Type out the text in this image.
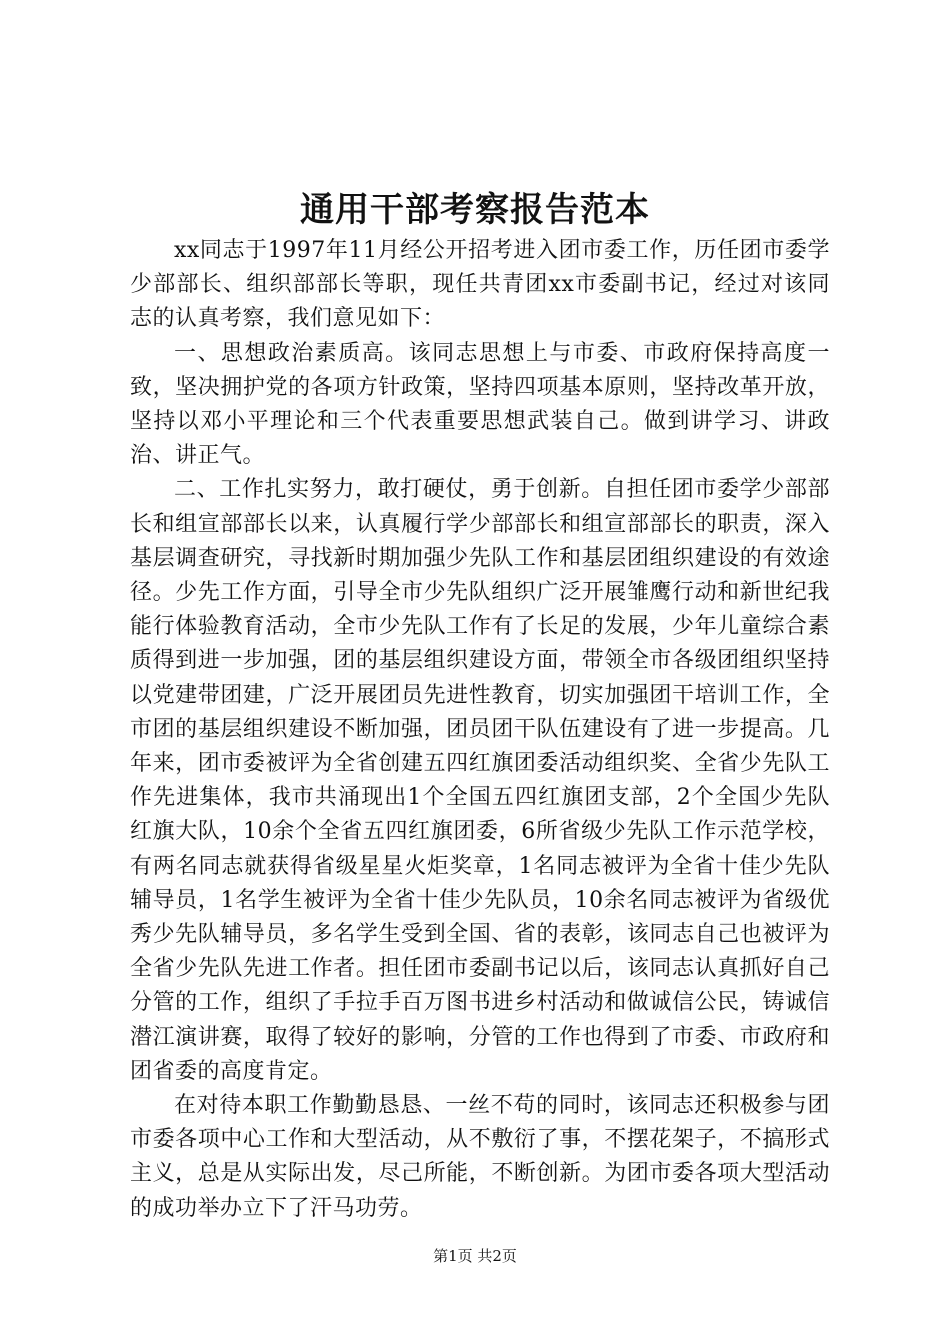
通用干部考察报告范本

xx同志于1997年11月经公开招考进入团市委工作，历任团市委学少部部长、组织部部长等职，现任共青团xx市委副书记，经过对该同志的认真考察，我们意见如下：

一、思想政治素质高。该同志思想上与市委、市政府保持高度一致，坚决拥护党的各项方针政策，坚持四项基本原则，坚持改革开放，坚持以邓小平理论和三个代表重要思想武装自己。做到讲学习、讲政治、讲正气。

二、工作扎实努力，敢打硬仗，勇于创新。自担任团市委学少部部长和组宣部部长以来，认真履行学少部部长和组宣部部长的职责，深入基层调查研究，寻找新时期加强少先队工作和基层团组织建设的有效途径。少先工作方面，引导全市少先队组织广泛开展雏鹰行动和新世纪我能行体验教育活动，全市少先队工作有了长足的发展，少年儿童综合素质得到进一步加强，团的基层组织建设方面，带领全市各级团组织坚持以党建带团建，广泛开展团员先进性教育，切实加强团干培训工作，全市团的基层组织建设不断加强，团员团干队伍建设有了进一步提高。几年来，团市委被评为全省创建五四红旗团委活动组织奖、全省少先队工作先进集体，我市共涌现出1个全国五四红旗团支部，2个全国少先队红旗大队，10余个全省五四红旗团委，6所省级少先队工作示范学校，有两名同志就获得省级星星火炬奖章，1名同志被评为全省十佳少先队辅导员，1名学生被评为全省十佳少先队员，10余名同志被评为省级优秀少先队辅导员，多名学生受到全国、省的表彰，该同志自己也被评为全省少先队先进工作者。担任团市委副书记以后，该同志认真抓好自己分管的工作，组织了手拉手百万图书进乡村活动和做诚信公民，铸诚信潜江演讲赛，取得了较好的影响，分管的工作也得到了市委、市政府和团省委的高度肯定。

在对待本职工作勤勤恳恳、一丝不苟的同时，该同志还积极参与团市委各项中心工作和大型活动，从不敷衍了事，不摆花架子，不搞形式主义，总是从实际出发，尽己所能，不断创新。为团市委各项大型活动的成功举办立下了汗马功劳。

第1页 共2页
